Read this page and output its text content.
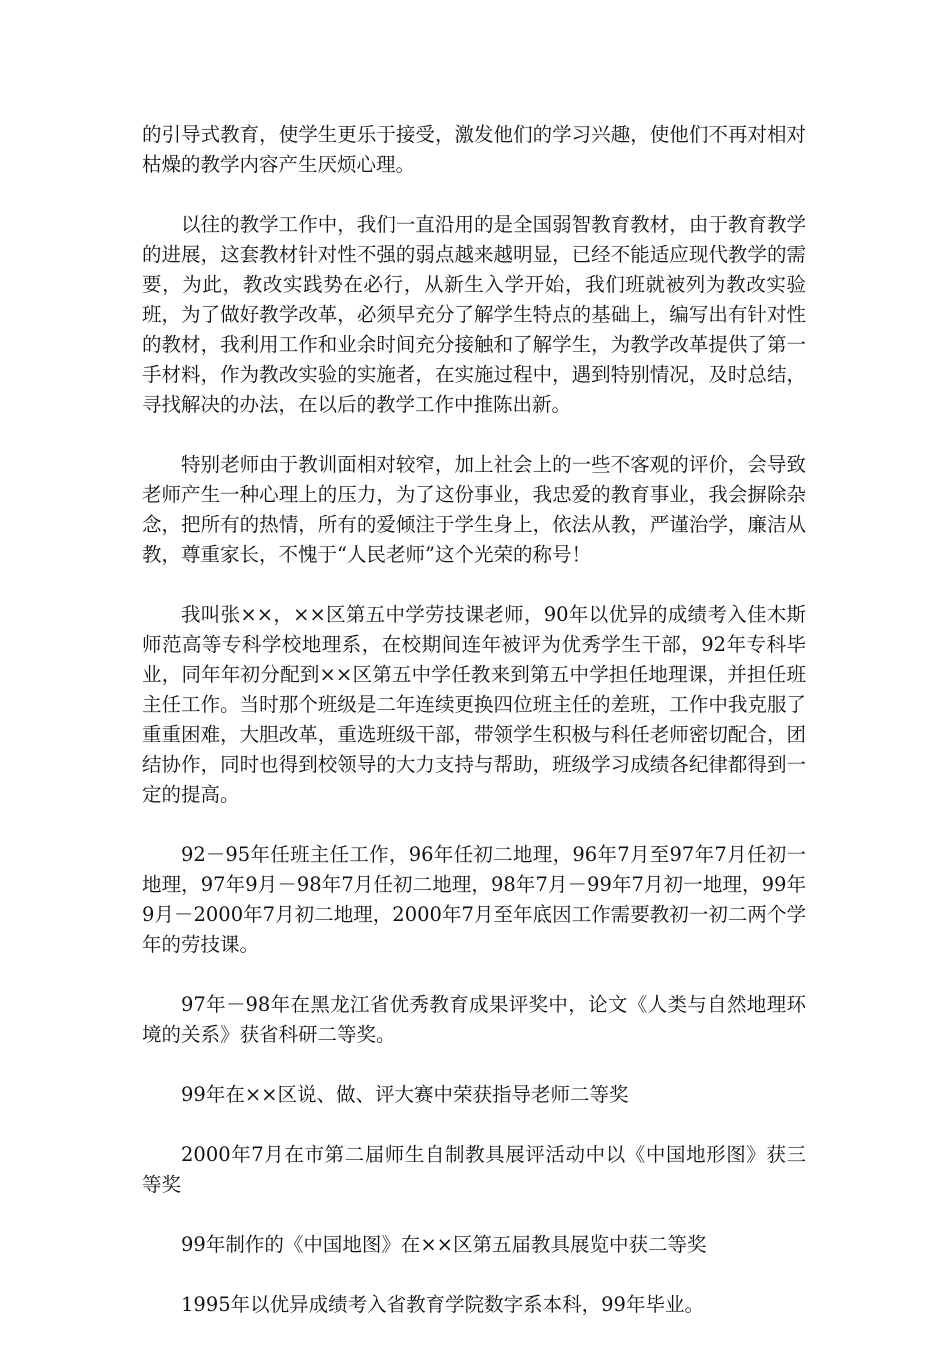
的引导式教育，使学生更乐于接受，激发他们的学习兴趣，使他们不再对相对枯燥的教学内容产生厌烦心理。

以往的教学工作中，我们一直沿用的是全国弱智教育教材，由于教育教学的进展，这套教材针对性不强的弱点越来越明显，已经不能适应现代教学的需要，为此，教改实践势在必行，从新生入学开始，我们班就被列为教改实验班，为了做好教学改革，必须早充分了解学生特点的基础上，编写出有针对性的教材，我利用工作和业余时间充分接触和了解学生，为教学改革提供了第一手材料，作为教改实验的实施者，在实施过程中，遇到特别情况，及时总结，寻找解决的办法，在以后的教学工作中推陈出新。

特别老师由于教训面相对较窄，加上社会上的一些不客观的评价，会导致老师产生一种心理上的压力，为了这份事业，我忠爱的教育事业，我会摒除杂念，把所有的热情，所有的爱倾注于学生身上，依法从教，严谨治学，廉洁从教，尊重家长，不愧于“人民老师”这个光荣的称号！

我叫张××，××区第五中学劳技课老师，90年以优异的成绩考入佳木斯师范高等专科学校地理系，在校期间连年被评为优秀学生干部，92年专科毕业，同年年初分配到××区第五中学任教来到第五中学担任地理课，并担任班主任工作。当时那个班级是二年连续更换四位班主任的差班，工作中我克服了重重困难，大胆改革，重选班级干部，带领学生积极与科任老师密切配合，团结协作，同时也得到校领导的大力支持与帮助，班级学习成绩各纪律都得到一定的提高。

92－95年任班主任工作，96年任初二地理，96年7月至97年7月任初一地理，97年9月－98年7月任初二地理，98年7月－99年7月初一地理，99年9月－2000年7月初二地理，2000年7月至年底因工作需要教初一初二两个学年的劳技课。

97年－98年在黑龙江省优秀教育成果评奖中，论文《人类与自然地理环境的关系》获省科研二等奖。

99年在××区说、做、评大赛中荣获指导老师二等奖

2000年7月在市第二届师生自制教具展评活动中以《中国地形图》获三等奖

99年制作的《中国地图》在××区第五届教具展览中获二等奖

1995年以优异成绩考入省教育学院数字系本科，99年毕业。
